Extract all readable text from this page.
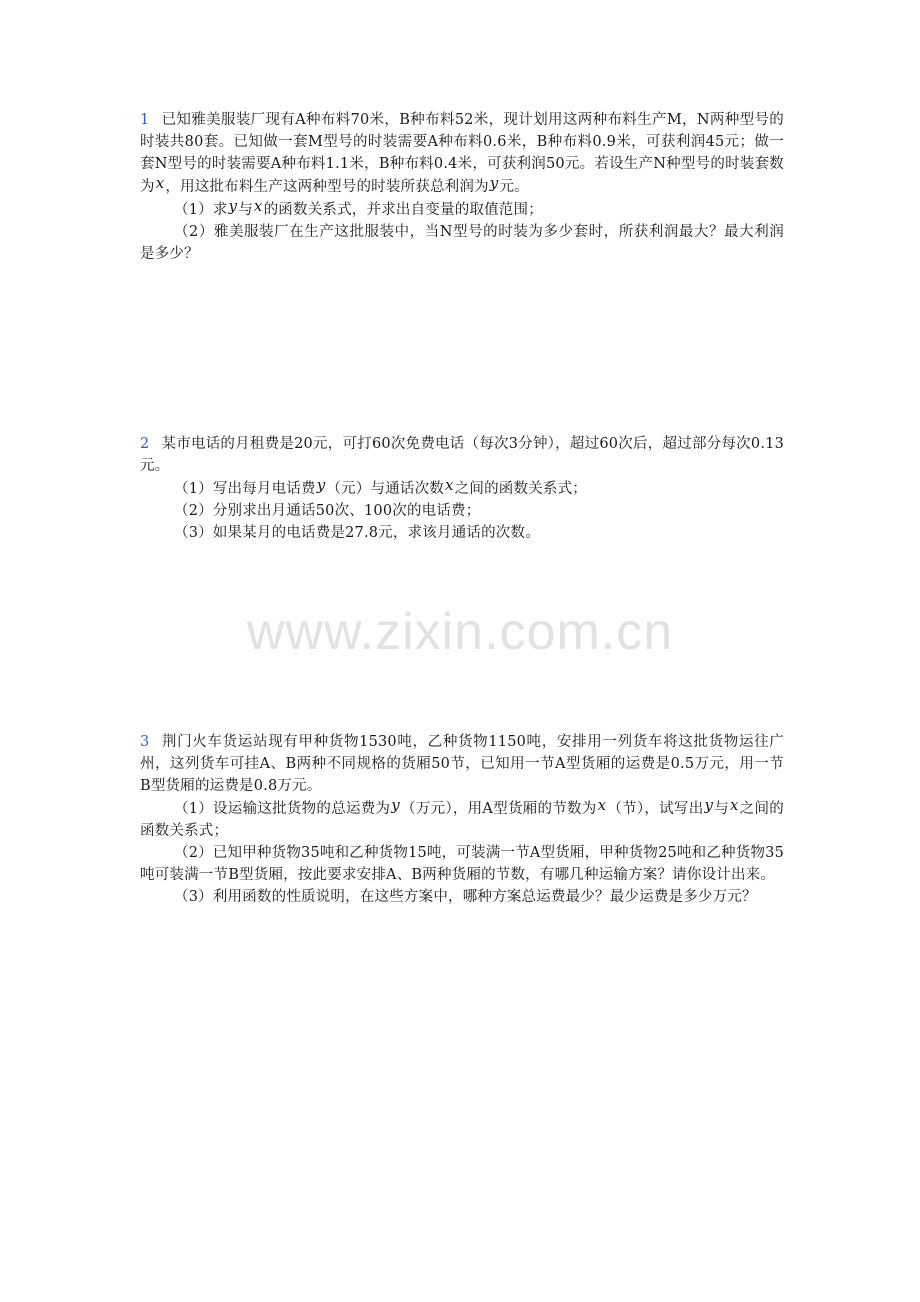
1 已知雅美服装厂现有A种布料70米，B种布料52米，现计划用这两种布料生产M，N两种型号的时装共80套。已知做一套M型号的时装需要A种布料0.6米，B种布料0.9米，可获利润45元；做一套N型号的时装需要A种布料1.1米，B种布料0.4米，可获利润50元。若设生产N种型号的时装套数为x，用这批布料生产这两种型号的时装所获总利润为y元。

（1）求y与x的函数关系式，并求出自变量的取值范围；

（2）雅美服装厂在生产这批服装中，当N型号的时装为多少套时，所获利润最大？最大利润是多少？

2 某市电话的月租费是20元，可打60次免费电话（每次3分钟），超过60次后，超过部分每次0.13元。

（1）写出每月电话费y（元）与通话次数x之间的函数关系式；

（2）分别求出月通话50次、100次的电话费；

（3）如果某月的电话费是27.8元，求该月通话的次数。

www.zixin.com.cn

3 荆门火车货运站现有甲种货物1530吨，乙种货物1150吨，安排用一列货车将这批货物运往广州，这列货车可挂A、B两种不同规格的货厢50节，已知用一节A型货厢的运费是0.5万元，用一节B型货厢的运费是0.8万元。

（1）设运输这批货物的总运费为y（万元），用A型货厢的节数为x（节），试写出y与x之间的函数关系式；

（2）已知甲种货物35吨和乙种货物15吨，可装满一节A型货厢，甲种货物25吨和乙种货物35吨可装满一节B型货厢，按此要求安排A、B两种货厢的节数，有哪几种运输方案？请你设计出来。

（3）利用函数的性质说明，在这些方案中，哪种方案总运费最少？最少运费是多少万元？
